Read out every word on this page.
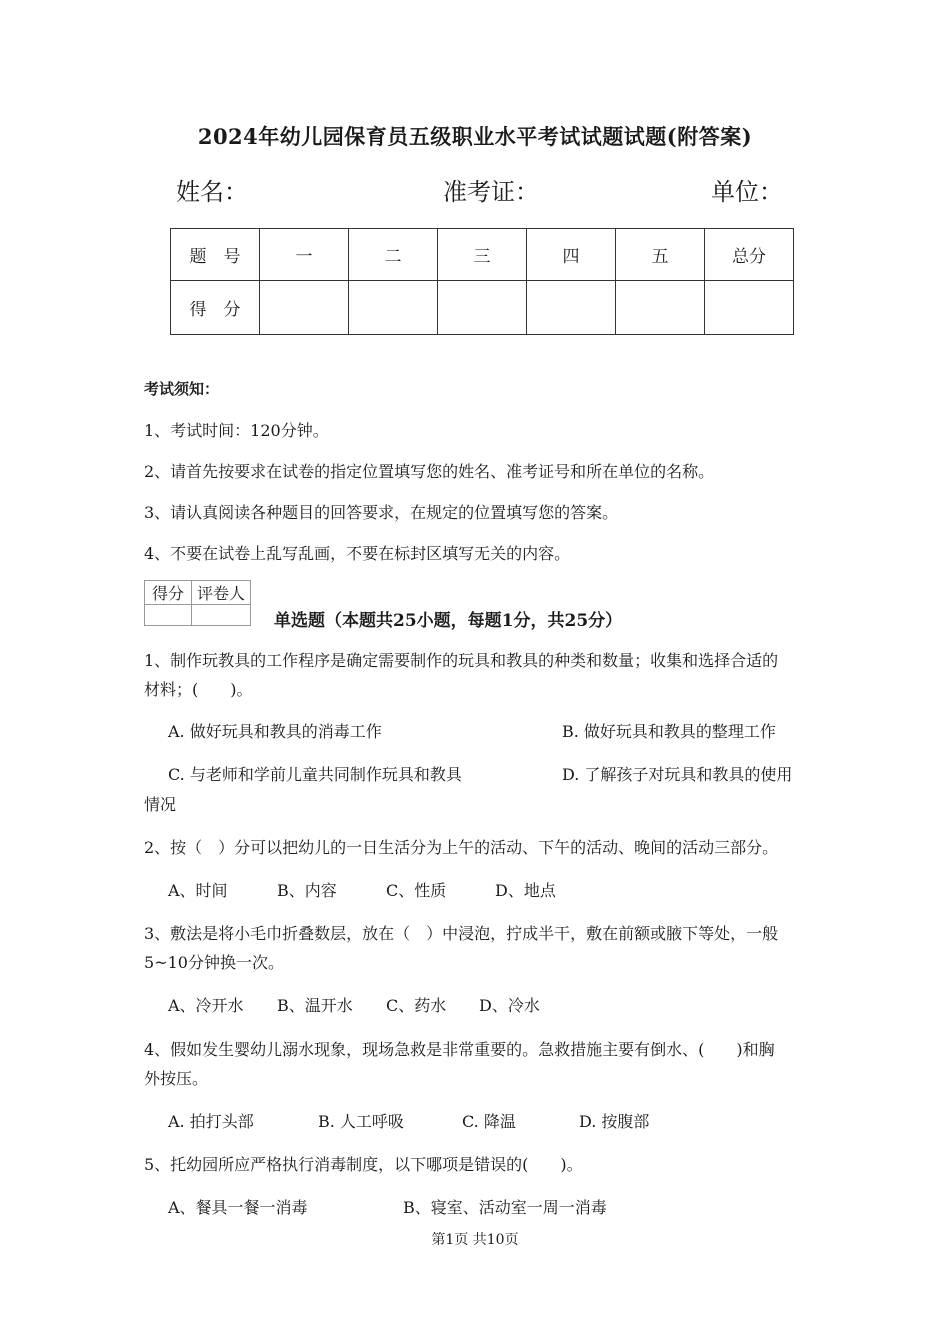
2024年幼儿园保育员五级职业水平考试试题试题(附答案)
姓名：	准考证：	单位：
题　号	一	二	三	四	五	总分
得　分						
考试须知：
1、考试时间：120分钟。
2、请首先按要求在试卷的指定位置填写您的姓名、准考证号和所在单位的名称。
3、请认真阅读各种题目的回答要求，在规定的位置填写您的答案。
4、不要在试卷上乱写乱画，不要在标封区填写无关的内容。
得分	评卷人

单选题（本题共25小题，每题1分，共25分）
1、制作玩教具的工作程序是确定需要制作的玩具和教具的种类和数量；收集和选择合适的
材料；(　　)。
A. 做好玩具和教具的消毒工作	B. 做好玩具和教具的整理工作
C. 与老师和学前儿童共同制作玩具和教具	D. 了解孩子对玩具和教具的使用
情况
2、按（　）分可以把幼儿的一日生活分为上午的活动、下午的活动、晚间的活动三部分。
A、时间	B、内容	C、性质	D、地点
3、敷法是将小毛巾折叠数层，放在（　）中浸泡，拧成半干，敷在前额或腋下等处，一般
5~10分钟换一次。
A、冷开水 B、温开水 C、药水 D、冷水
4、假如发生婴幼儿溺水现象，现场急救是非常重要的。急救措施主要有倒水、(　　)和胸
外按压。
A. 拍打头部	B. 人工呼吸	C. 降温	D. 按腹部
5、托幼园所应严格执行消毒制度，以下哪项是错误的(　　)。
A、餐具一餐一消毒	B、寝室、活动室一周一消毒
第1页 共10页
